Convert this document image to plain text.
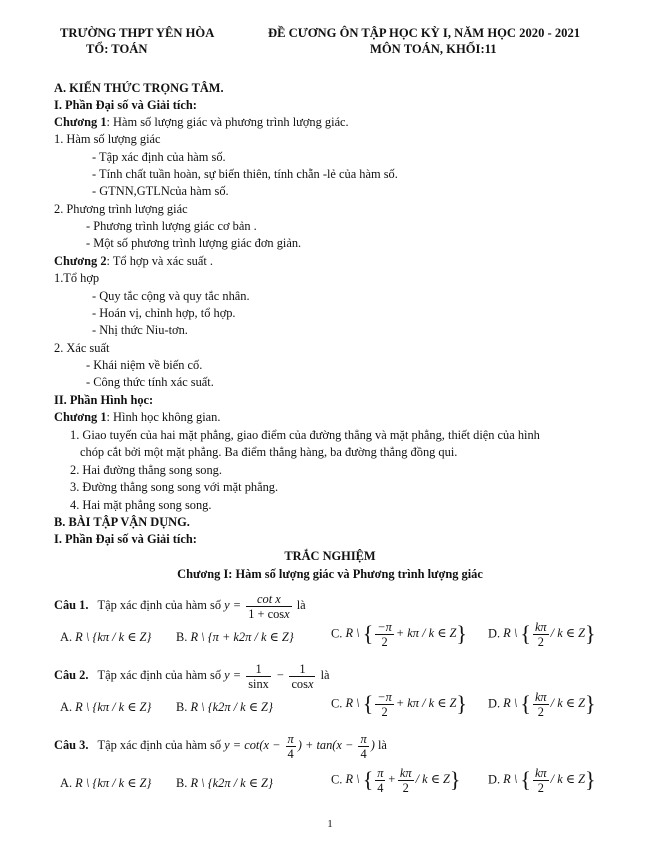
TRƯỜNG THPT YÊN HÒA
TỔ: TOÁN
ĐỀ CƯƠNG ÔN TẬP HỌC KỲ I, NĂM HỌC 2020 - 2021
MÔN TOÁN, KHỐI:11
A. KIẾN THỨC TRỌNG TÂM.
I. Phần Đại số và Giải tích:
Chương 1: Hàm số lượng giác và phương trình lượng giác.
1. Hàm số lượng giác
- Tập xác định của hàm số.
- Tính chất tuần hoàn, sự biến thiên, tính chẵn -lẻ của hàm số.
- GTNN,GTLNcủa hàm số.
2. Phương trình lượng giác
- Phương trình lượng giác cơ bản .
- Một số phương trình lượng giác đơn giản.
Chương 2: Tổ hợp và xác suất .
1.Tổ hợp
- Quy tắc cộng và quy tắc nhân.
- Hoán vị, chỉnh hợp, tổ hợp.
- Nhị thức Niu-tơn.
2. Xác suất
- Khái niệm về biến cố.
- Công thức tính xác suất.
II. Phần Hình học:
Chương 1: Hình học không gian.
1. Giao tuyến của hai mặt phẳng, giao điểm của đường thẳng và mặt phẳng, thiết diện của hình
chóp cắt bởi một mặt phẳng. Ba điểm thẳng hàng, ba đường thẳng đồng qui.
2. Hai đường thẳng song song.
3. Đường thẳng song song với mặt phẳng.
4. Hai mặt phẳng song song.
B. BÀI TẬP VẬN DỤNG.
I. Phần Đại số và Giải tích:
TRẮC NGHIỆM
Chương I: Hàm số lượng giác và Phương trình lượng giác
Câu 1. Tập xác định của hàm số $y = \frac{\text{cot x}}{1 + \cos x}$ là
A. R \ {kπ / k ∈ Z} B. R \ {π + k2π / k ∈ Z}	C. R \ { $\frac{-\pi}{2} + k\pi / k$ ∈ Z} D. R \ { $\frac{k\pi}{2}$ / k ∈ Z}
Câu 2. Tập xác định của hàm số $y = \frac{1}{\sin x} - \frac{1}{\cos x}$ là
A. R \ {kπ / k ∈ Z} B. R \ {k2π / k ∈ Z}	C. R \ { $\frac{-\pi}{2} + k\pi / k$ ∈ Z} D. R \ { $\frac{k\pi}{2}$ / k ∈ Z}
Câu 3. Tập xác định của hàm số $y = \cot(x - \frac{\pi}{4}$ ) + $\tan(x - \frac{\pi}{4}$ ) là
A. R \ {kπ / k ∈ Z} B. R \ {k2π / k ∈ Z}	C. R \ { $\frac{\pi}{4} + \frac{k\pi}{2} / k$ ∈ Z} D. R \ { $\frac{k\pi}{2}$ / k ∈ Z}
1
